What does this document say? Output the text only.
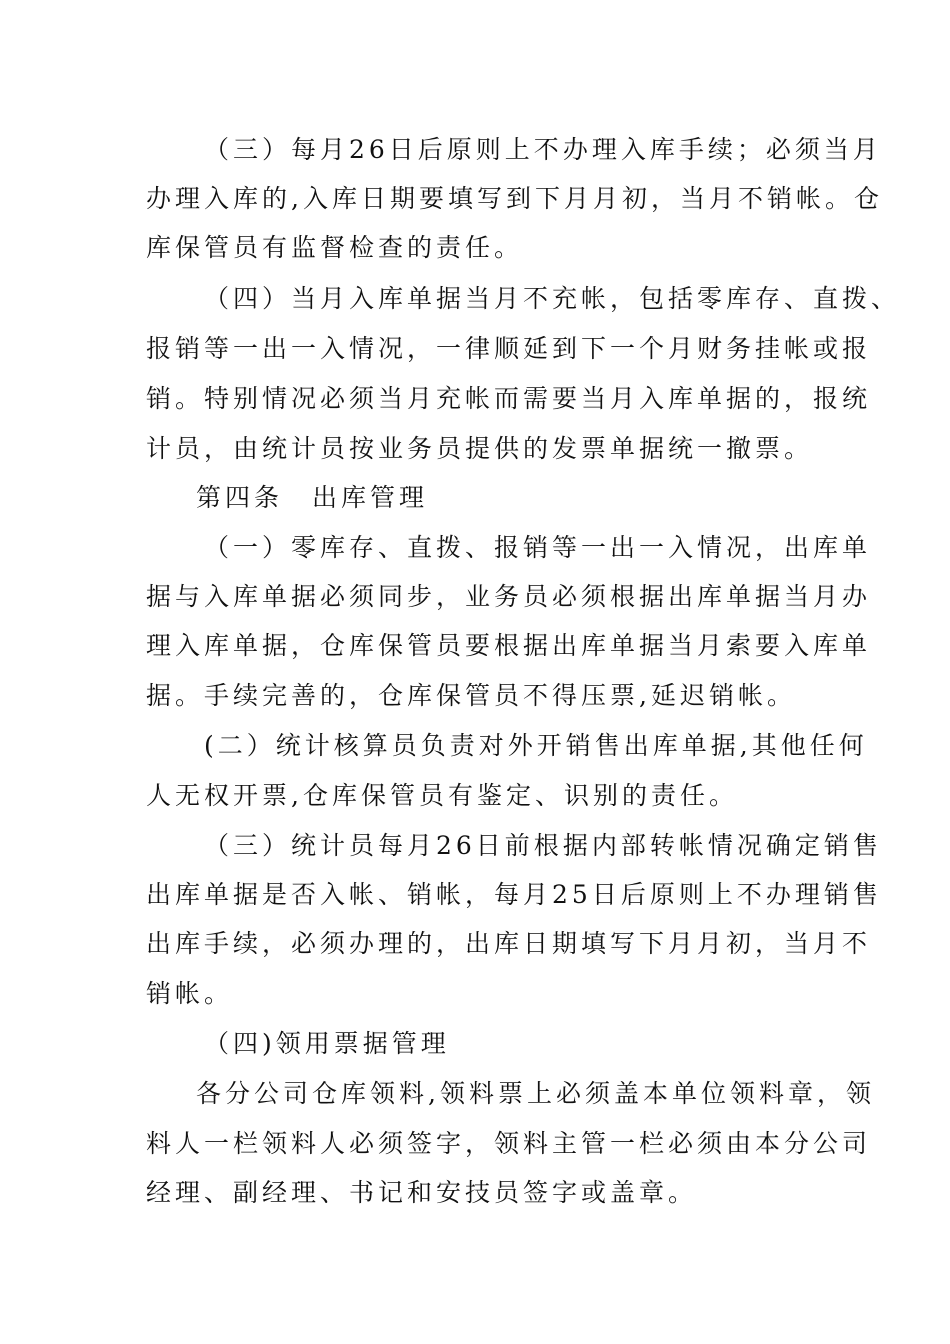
（三）每月26日后原则上不办理入库手续；必须当月
办理入库的,入库日期要填写到下月月初，当月不销帐。仓
库保管员有监督检查的责任。
（四）当月入库单据当月不充帐，包括零库存、直拨、
报销等一出一入情况，一律顺延到下一个月财务挂帐或报
销。特别情况必须当月充帐而需要当月入库单据的，报统
计员，由统计员按业务员提供的发票单据统一撤票。
第四条　出库管理
（一）零库存、直拨、报销等一出一入情况，出库单
据与入库单据必须同步，业务员必须根据出库单据当月办
理入库单据，仓库保管员要根据出库单据当月索要入库单
据。手续完善的，仓库保管员不得压票,延迟销帐。
(二）统计核算员负责对外开销售出库单据,其他任何
人无权开票,仓库保管员有鉴定、识别的责任。
（三）统计员每月26日前根据内部转帐情况确定销售
出库单据是否入帐、销帐，每月25日后原则上不办理销售
出库手续，必须办理的，出库日期填写下月月初，当月不
销帐。
（四)领用票据管理
各分公司仓库领料,领料票上必须盖本单位领料章，领
料人一栏领料人必须签字，领料主管一栏必须由本分公司
经理、副经理、书记和安技员签字或盖章。
